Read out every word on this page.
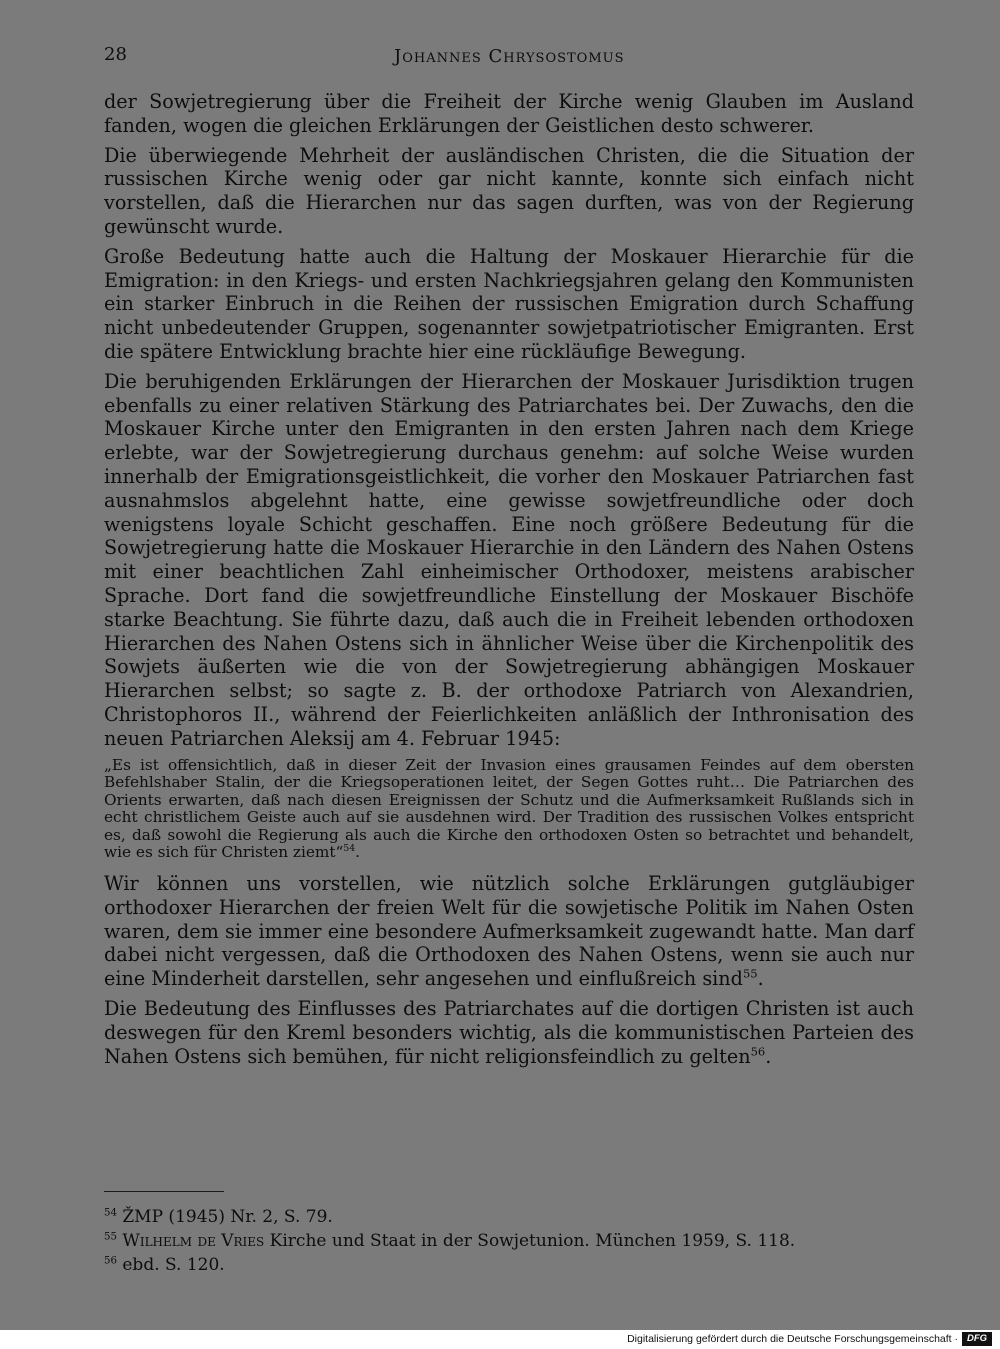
28	Johannes Chrysostomus

der Sowjetregierung über die Freiheit der Kirche wenig Glauben im Ausland fanden, wogen die gleichen Erklärungen der Geistlichen desto schwerer.

Die überwiegende Mehrheit der ausländischen Christen, die die Situation der russischen Kirche wenig oder gar nicht kannte, konnte sich einfach nicht vorstellen, daß die Hierarchen nur das sagen durften, was von der Regierung gewünscht wurde.

Große Bedeutung hatte auch die Haltung der Moskauer Hierarchie für die Emigration: in den Kriegs- und ersten Nachkriegsjahren gelang den Kommunisten ein starker Einbruch in die Reihen der russischen Emigration durch Schaffung nicht unbedeutender Gruppen, sogenannter sowjetpatriotischer Emigranten. Erst die spätere Entwicklung brachte hier eine rückläufige Bewegung.

Die beruhigenden Erklärungen der Hierarchen der Moskauer Jurisdiktion trugen ebenfalls zu einer relativen Stärkung des Patriarchates bei. Der Zuwachs, den die Moskauer Kirche unter den Emigranten in den ersten Jahren nach dem Kriege erlebte, war der Sowjetregierung durchaus genehm: auf solche Weise wurden innerhalb der Emigrationsgeistlichkeit, die vorher den Moskauer Patriarchen fast ausnahmslos abgelehnt hatte, eine gewisse sowjetfreundliche oder doch wenigstens loyale Schicht geschaffen. Eine noch größere Bedeutung für die Sowjetregierung hatte die Moskauer Hierarchie in den Ländern des Nahen Ostens mit einer beachtlichen Zahl einheimischer Orthodoxer, meistens arabischer Sprache. Dort fand die sowjetfreundliche Einstellung der Moskauer Bischöfe starke Beachtung. Sie führte dazu, daß auch die in Freiheit lebenden orthodoxen Hierarchen des Nahen Ostens sich in ähnlicher Weise über die Kirchenpolitik des Sowjets äußerten wie die von der Sowjetregierung abhängigen Moskauer Hierarchen selbst; so sagte z. B. der orthodoxe Patriarch von Alexandrien, Christophoros II., während der Feierlichkeiten anläßlich der Inthronisation des neuen Patriarchen Aleksij am 4. Februar 1945:

„Es ist offensichtlich, daß in dieser Zeit der Invasion eines grausamen Feindes auf dem obersten Befehlshaber Stalin, der die Kriegsoperationen leitet, der Segen Gottes ruht… Die Patriarchen des Orients erwarten, daß nach diesen Ereignissen der Schutz und die Aufmerksamkeit Rußlands sich in echt christlichem Geiste auch auf sie ausdehnen wird. Der Tradition des russischen Volkes entspricht es, daß sowohl die Regierung als auch die Kirche den orthodoxen Osten so betrachtet und behandelt, wie es sich für Christen ziemt“$^{54}$.

Wir können uns vorstellen, wie nützlich solche Erklärungen gutgläubiger orthodoxer Hierarchen der freien Welt für die sowjetische Politik im Nahen Osten waren, dem sie immer eine besondere Aufmerksamkeit zugewandt hatte. Man darf dabei nicht vergessen, daß die Orthodoxen des Nahen Ostens, wenn sie auch nur eine Minderheit darstellen, sehr angesehen und einflußreich sind$^{55}$.

Die Bedeutung des Einflusses des Patriarchates auf die dortigen Christen ist auch deswegen für den Kreml besonders wichtig, als die kommunistischen Parteien des Nahen Ostens sich bemühen, für nicht religionsfeindlich zu gelten$^{56}$.

$^{54}$ ŽMP (1945) Nr. 2, S. 79.
$^{55}$ Wilhelm de Vries Kirche und Staat in der Sowjetunion. München 1959, S. 118.
$^{56}$ ebd. S. 120.
Digitalisierung gefördert durch die Deutsche Forschungsgemeinschaft · DFG
